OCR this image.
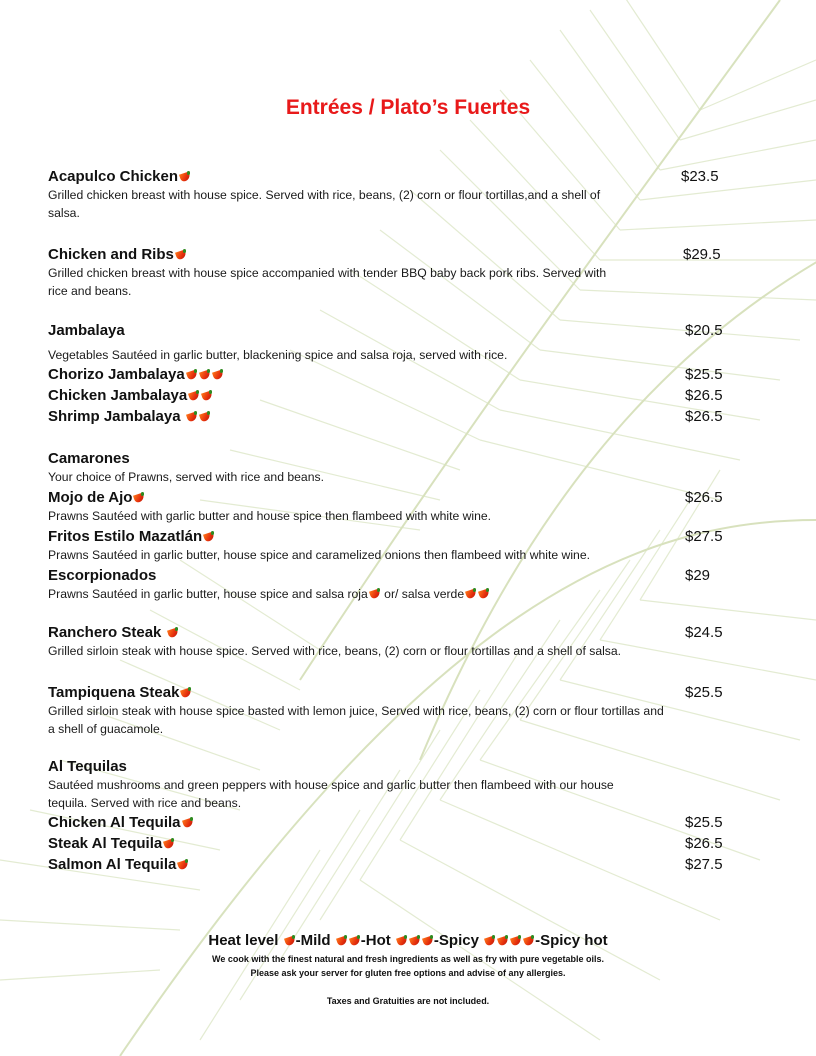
Entrées / Plato’s Fuertes
Acapulco Chicken
Grilled chicken breast with house spice. Served with rice, beans, (2) corn or flour tortillas,and a shell of salsa.
$23.5
Chicken and Ribs
Grilled chicken breast with house spice accompanied with tender BBQ baby back pork ribs. Served with rice and beans.
$29.5
Jambalaya
Vegetables Sautéed in garlic butter, blackening spice and salsa roja, served with rice.
$20.5
Chorizo Jambalaya	$25.5
Chicken Jambalaya	$26.5
Shrimp Jambalaya	$26.5
Camarones
Your choice of Prawns, served with rice and beans.
Mojo de Ajo
Prawns Sautéed with garlic butter and house spice then flambeed with white wine.
$26.5
Fritos Estilo Mazatlán
Prawns Sautéed in garlic butter, house spice and caramelized onions then flambeed with white wine.
$27.5
Escorpionados
Prawns Sautéed in garlic butter, house spice and salsa roja or/ salsa verde
$29
Ranchero Steak
Grilled sirloin steak with house spice. Served with rice, beans, (2) corn or flour tortillas and a shell of salsa.
$24.5
Tampiquena Steak
Grilled sirloin steak with house spice basted with lemon juice, Served with rice, beans, (2) corn or flour tortillas and a shell of guacamole.
$25.5
Al Tequilas
Sautéed mushrooms and green peppers with house spice and garlic butter then flambeed with our house tequila. Served with rice and beans.
Chicken Al Tequila	$25.5
Steak Al Tequila	$26.5
Salmon Al Tequila	$27.5
Heat level -Mild -Hot	-Spicy	-Spicy hot
We cook with the finest natural and fresh ingredients as well as fry with pure vegetable oils.
Please ask your server for gluten free options and advise of any allergies.
Taxes and Gratuities are not included.
